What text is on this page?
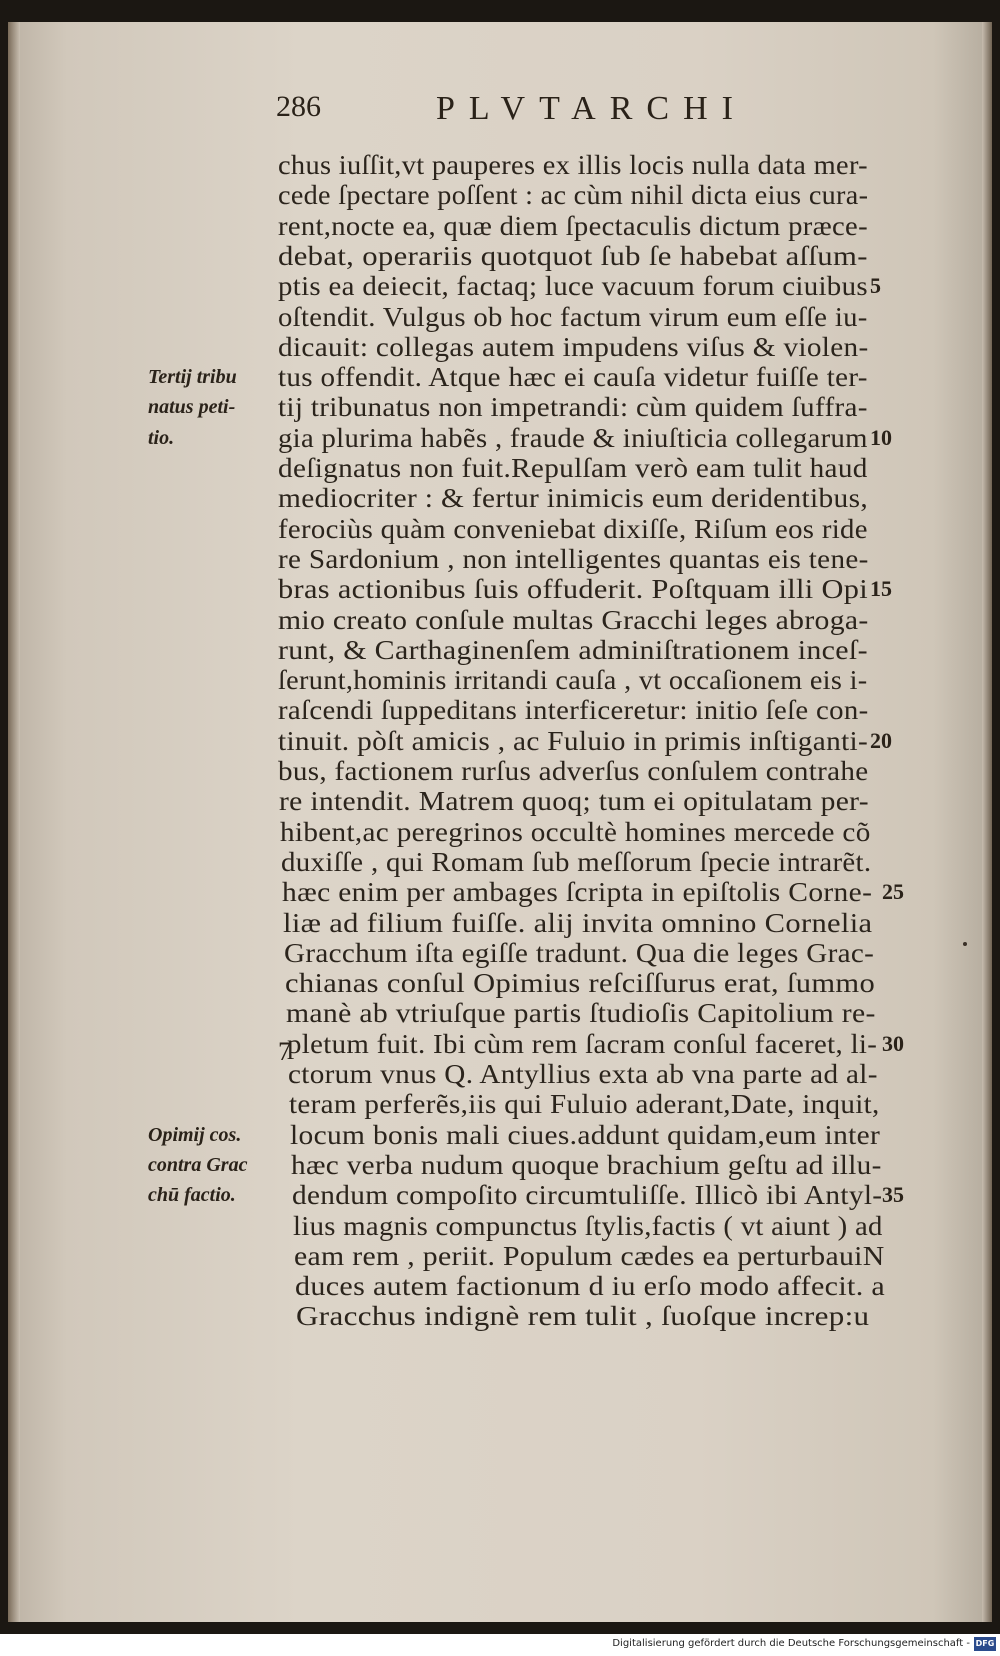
286	PLVTARCHI
chus iuſſit,vt pauperes ex illis locis nulla data mer-
cede ſpectare poſſent : ac cùm nihil dicta eius cura-
rent,nocte ea, quæ diem ſpectaculis dictum præce-
debat, operariis quotquot ſub ſe habebat aſſum-
ptis ea deiecit, factaq; luce vacuum forum ciuibus
oſtendit. Vulgus ob hoc factum virum eum eſſe iu-
dicauit: collegas autem impudens viſus & violen-
tus offendit. Atque hæc ei cauſa videtur fuiſſe ter-
tij tribunatus non impetrandi: cùm quidem ſuffra-
gia plurima habẽs , fraude & iniuſticia collegarum
deſignatus non fuit.Repulſam verò eam tulit haud
mediocriter : & fertur inimicis eum deridentibus,
ferociùs quàm conveniebat dixiſſe, Riſum eos ride
re Sardonium , non intelligentes quantas eis tene-
bras actionibus ſuis offuderit. Poſtquam illi Opi
mio creato conſule multas Gracchi leges abroga-
runt, & Carthaginenſem adminiſtrationem inceſ-
ſerunt,hominis irritandi cauſa , vt occaſionem eis i-
raſcendi ſuppeditans interficeretur: initio ſeſe con-
tinuit. pòſt amicis , ac Fuluio in primis inſtiganti-
bus, factionem rurſus adverſus conſulem contrahe
re intendit. Matrem quoq; tum ei opitulatam per-
hibent,ac peregrinos occultè homines mercede cõ
duxiſſe , qui Romam ſub meſſorum ſpecie intrarẽt.
hæc enim per ambages ſcripta in epiſtolis Corne-
liæ ad filium fuiſſe. alij invita omnino Cornelia
Gracchum iſta egiſſe tradunt. Qua die leges Grac-
chianas conſul Opimius reſciſſurus erat, ſummo
manè ab vtriuſque partis ſtudioſis Capitolium re-
pletum fuit. Ibi cùm rem ſacram conſul faceret, li-
ctorum vnus Q. Antyllius exta ab vna parte ad al-
teram perferẽs,iis qui Fuluio aderant,Date, inquit,
locum bonis mali ciues.addunt quidam,eum inter
hæc verba nudum quoque brachium geſtu ad illu-
dendum compoſito circumtuliſſe. Illicò ibi Antyl-
lius magnis compunctus ſtylis,factis ( vt aiunt ) ad
eam rem , periit. Populum cædes ea perturbauiN
duces autem factionum d iu erſo modo affecit. a
Gracchus indignè rem tulit , ſuoſque increp:u
Tertij tribu
natus peti-
tio.
Opimij cos.
contra Grac
chū factio.
5
10
15
20
25
30
35
7
Digitalisierung gefördert durch die Deutsche Forschungsgemeinschaft - DFG
